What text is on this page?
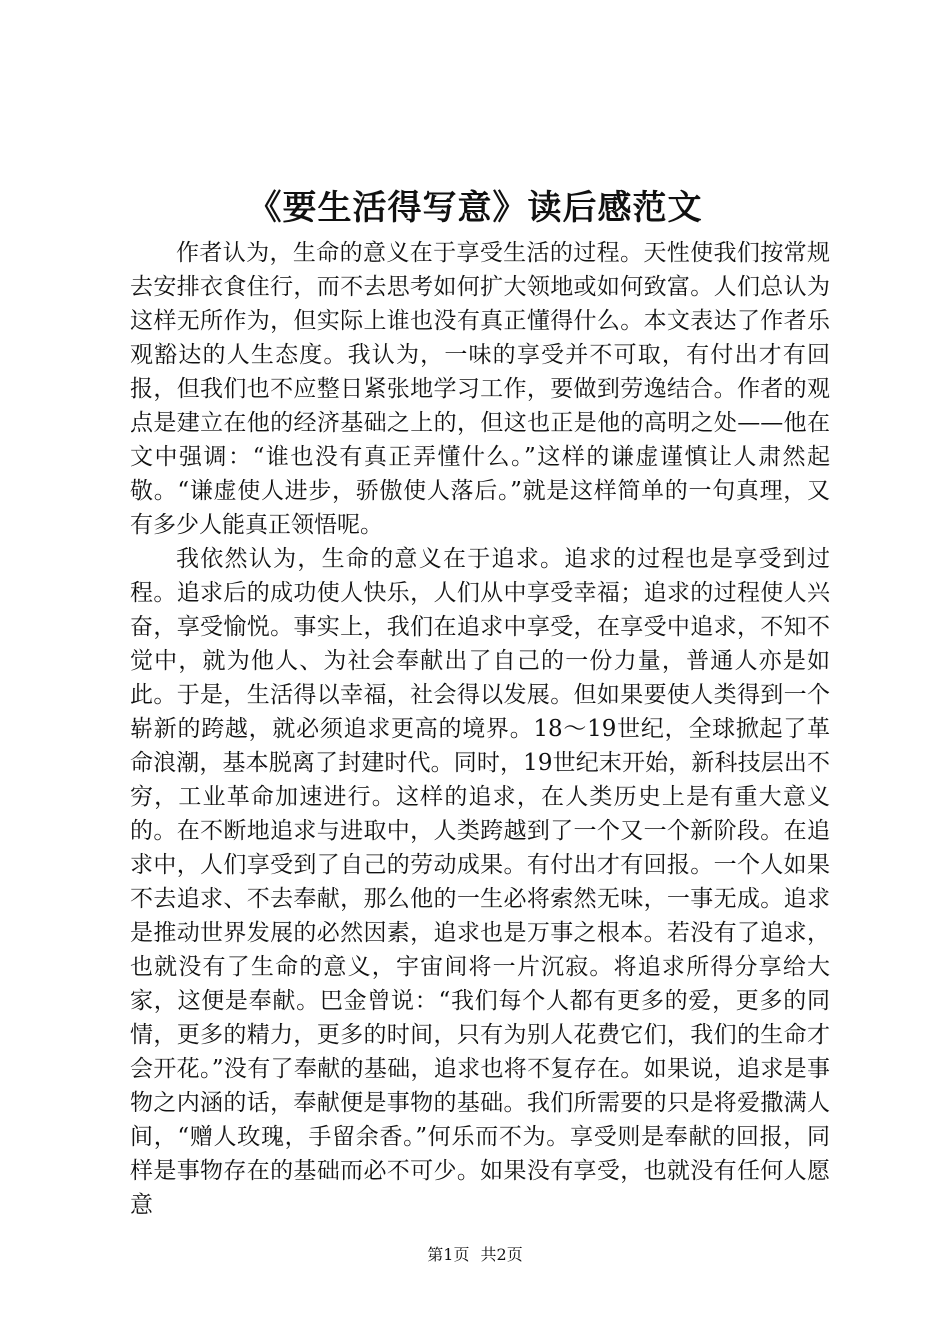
《要生活得写意》读后感范文

作者认为，生命的意义在于享受生活的过程。天性使我们按常规去安排衣食住行，而不去思考如何扩大领地或如何致富。人们总认为这样无所作为，但实际上谁也没有真正懂得什么。本文表达了作者乐观豁达的人生态度。我认为，一味的享受并不可取，有付出才有回报，但我们也不应整日紧张地学习工作，要做到劳逸结合。作者的观点是建立在他的经济基础之上的，但这也正是他的高明之处——他在文中强调：“谁也没有真正弄懂什么。”这样的谦虚谨慎让人肃然起敬。“谦虚使人进步，骄傲使人落后。”就是这样简单的一句真理，又有多少人能真正领悟呢。

我依然认为，生命的意义在于追求。追求的过程也是享受到过程。追求后的成功使人快乐，人们从中享受幸福；追求的过程使人兴奋，享受愉悦。事实上，我们在追求中享受，在享受中追求，不知不觉中，就为他人、为社会奉献出了自己的一份力量，普通人亦是如此。于是，生活得以幸福，社会得以发展。但如果要使人类得到一个崭新的跨越，就必须追求更高的境界。18～19世纪，全球掀起了革命浪潮，基本脱离了封建时代。同时，19世纪末开始，新科技层出不穷，工业革命加速进行。这样的追求，在人类历史上是有重大意义的。在不断地追求与进取中，人类跨越到了一个又一个新阶段。在追求中，人们享受到了自己的劳动成果。有付出才有回报。一个人如果不去追求、不去奉献，那么他的一生必将索然无味，一事无成。追求是推动世界发展的必然因素，追求也是万事之根本。若没有了追求，也就没有了生命的意义，宇宙间将一片沉寂。将追求所得分享给大家，这便是奉献。巴金曾说：“我们每个人都有更多的爱，更多的同情，更多的精力，更多的时间，只有为别人花费它们，我们的生命才会开花。”没有了奉献的基础，追求也将不复存在。如果说，追求是事物之内涵的话，奉献便是事物的基础。我们所需要的只是将爱撒满人间，“赠人玫瑰，手留余香。”何乐而不为。享受则是奉献的回报，同样是事物存在的基础而必不可少。如果没有享受，也就没有任何人愿意

第1页 共2页
